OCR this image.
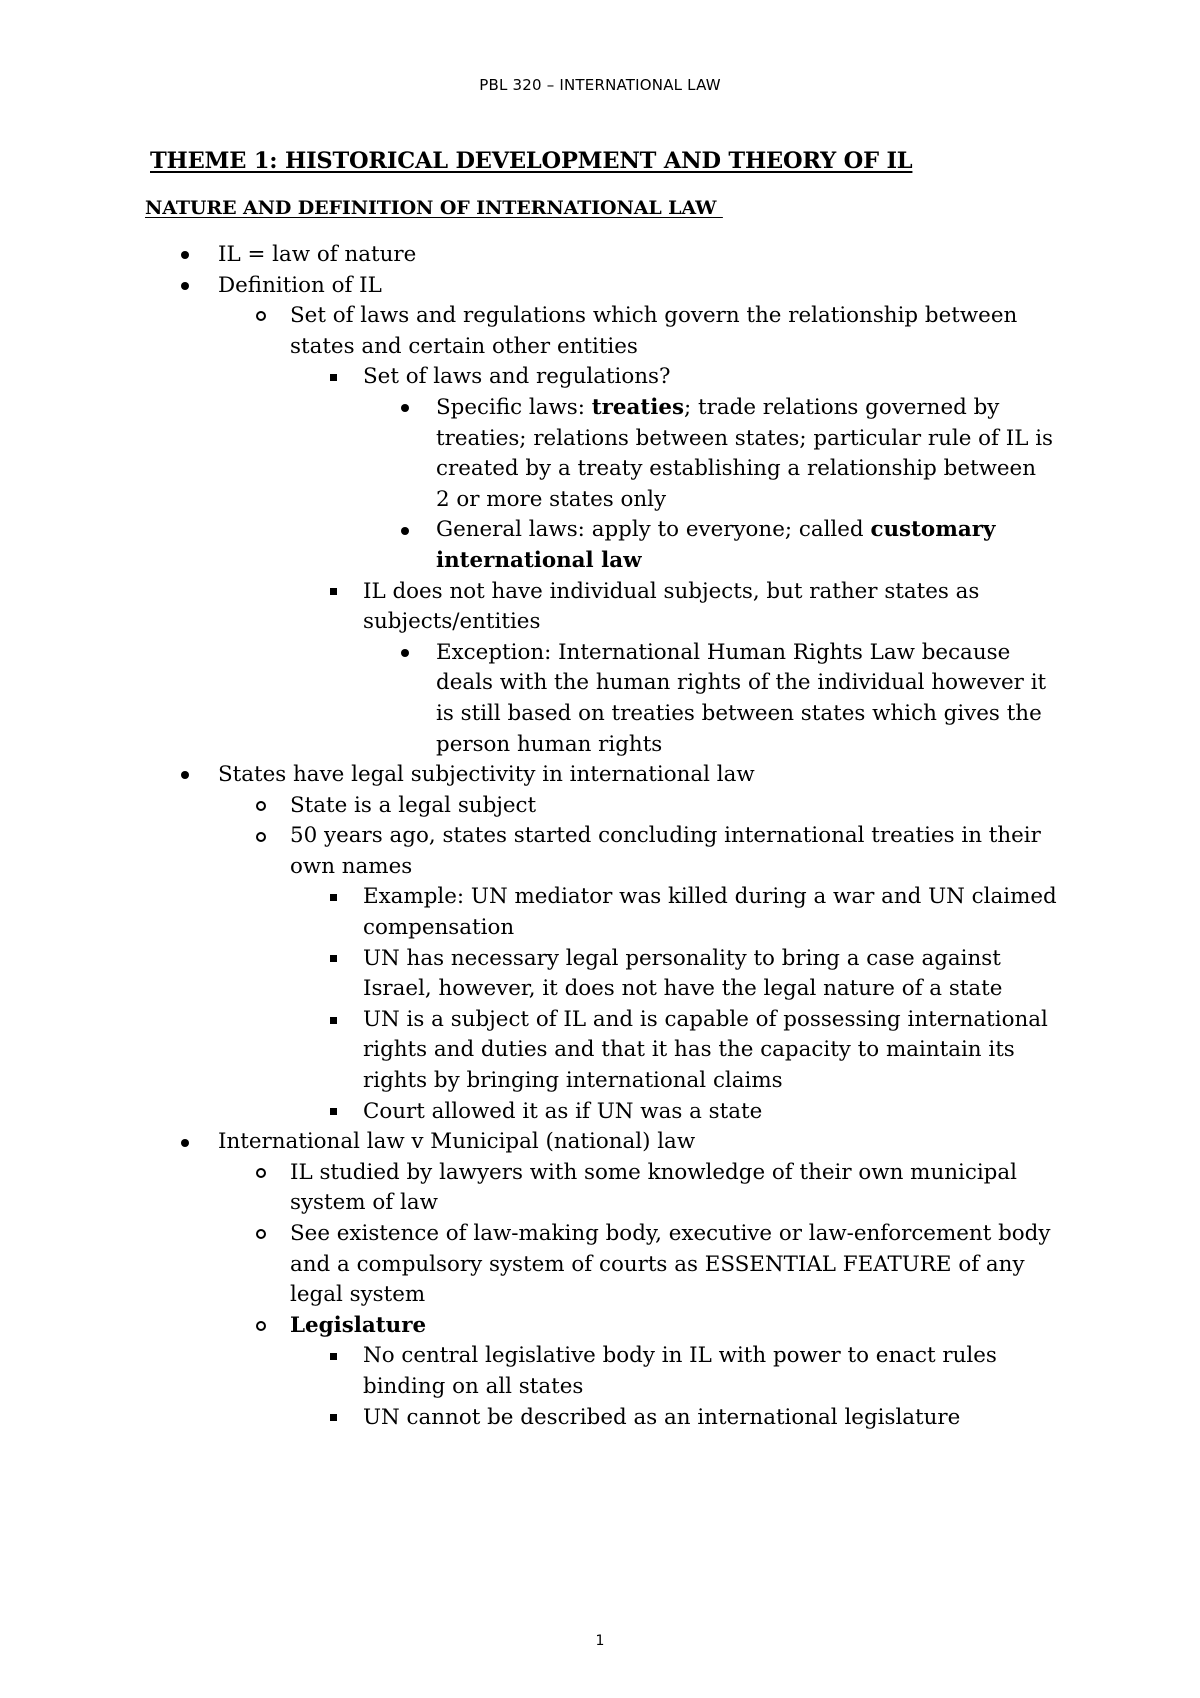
PBL 320 – INTERNATIONAL LAW
THEME 1: HISTORICAL DEVELOPMENT AND THEORY OF IL
NATURE AND DEFINITION OF INTERNATIONAL LAW
IL = law of nature
Definition of IL
Set of laws and regulations which govern the relationship between states and certain other entities
Set of laws and regulations?
Specific laws: treaties; trade relations governed by treaties; relations between states; particular rule of IL is created by a treaty establishing a relationship between 2 or more states only
General laws: apply to everyone; called customary international law
IL does not have individual subjects, but rather states as subjects/entities
Exception: International Human Rights Law because deals with the human rights of the individual however it is still based on treaties between states which gives the person human rights
States have legal subjectivity in international law
State is a legal subject
50 years ago, states started concluding international treaties in their own names
Example: UN mediator was killed during a war and UN claimed compensation
UN has necessary legal personality to bring a case against Israel, however, it does not have the legal nature of a state
UN is a subject of IL and is capable of possessing international rights and duties and that it has the capacity to maintain its rights by bringing international claims
Court allowed it as if UN was a state
International law v Municipal (national) law
IL studied by lawyers with some knowledge of their own municipal system of law
See existence of law-making body, executive or law-enforcement body and a compulsory system of courts as ESSENTIAL FEATURE of any legal system
Legislature
No central legislative body in IL with power to enact rules binding on all states
UN cannot be described as an international legislature
1
